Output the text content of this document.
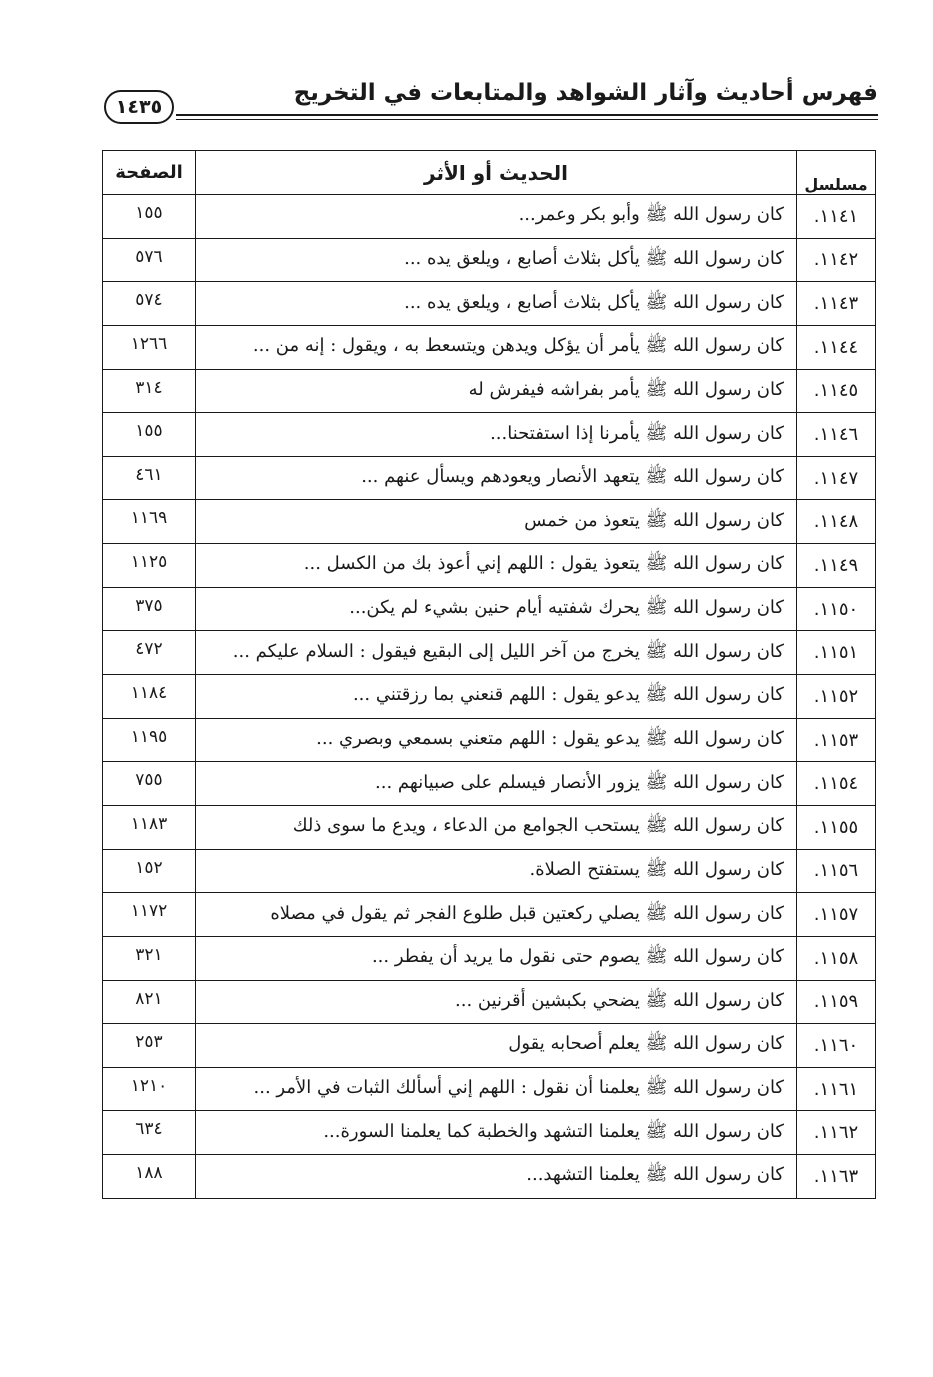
فهرس أحاديث وآثار الشواهد والمتابعات في التخريج
١٤٣٥
مسلسل	الحديث أو الأثر	الصفحة
١١٤١.	كان رسول الله ﷺ وأبو بكر وعمر...	١٥٥
١١٤٢.	كان رسول الله ﷺ يأكل بثلاث أصابع ، ويلعق يده ...	٥٧٦
١١٤٣.	كان رسول الله ﷺ يأكل بثلاث أصابع ، ويلعق يده ...	٥٧٤
١١٤٤.	كان رسول الله ﷺ يأمر أن يؤكل ويدهن ويتسعط به ، ويقول : إنه من ...	١٢٦٦
١١٤٥.	كان رسول الله ﷺ يأمر بفراشه فيفرش له	٣١٤
١١٤٦.	كان رسول الله ﷺ يأمرنا إذا استفتحنا...	١٥٥
١١٤٧.	كان رسول الله ﷺ يتعهد الأنصار ويعودهم ويسأل عنهم ...	٤٦١
١١٤٨.	كان رسول الله ﷺ يتعوذ من خمس	١١٦٩
١١٤٩.	كان رسول الله ﷺ يتعوذ يقول : اللهم إني أعوذ بك من الكسل ...	١١٢٥
١١٥٠.	كان رسول الله ﷺ يحرك شفتيه أيام حنين بشيء لم يكن...	٣٧٥
١١٥١.	كان رسول الله ﷺ يخرج من آخر الليل إلى البقيع فيقول : السلام عليكم ...	٤٧٢
١١٥٢.	كان رسول الله ﷺ يدعو يقول : اللهم قنعني بما رزقتني ...	١١٨٤
١١٥٣.	كان رسول الله ﷺ يدعو يقول : اللهم متعني بسمعي وبصري ...	١١٩٥
١١٥٤.	كان رسول الله ﷺ يزور الأنصار فيسلم على صبيانهم ...	٧٥٥
١١٥٥.	كان رسول الله ﷺ يستحب الجوامع من الدعاء ، ويدع ما سوى ذلك	١١٨٣
١١٥٦.	كان رسول الله ﷺ يستفتح الصلاة.	١٥٢
١١٥٧.	كان رسول الله ﷺ يصلي ركعتين قبل طلوع الفجر ثم يقول في مصلاه	١١٧٢
١١٥٨.	كان رسول الله ﷺ يصوم حتى نقول ما يريد أن يفطر ...	٣٢١
١١٥٩.	كان رسول الله ﷺ يضحي بكبشين أقرنين ...	٨٢١
١١٦٠.	كان رسول الله ﷺ يعلم أصحابه يقول	٢٥٣
١١٦١.	كان رسول الله ﷺ يعلمنا أن نقول : اللهم إني أسألك الثبات في الأمر ...	١٢١٠
١١٦٢.	كان رسول الله ﷺ يعلمنا التشهد والخطبة كما يعلمنا السورة...	٦٣٤
١١٦٣.	كان رسول الله ﷺ يعلمنا التشهد...	١٨٨
